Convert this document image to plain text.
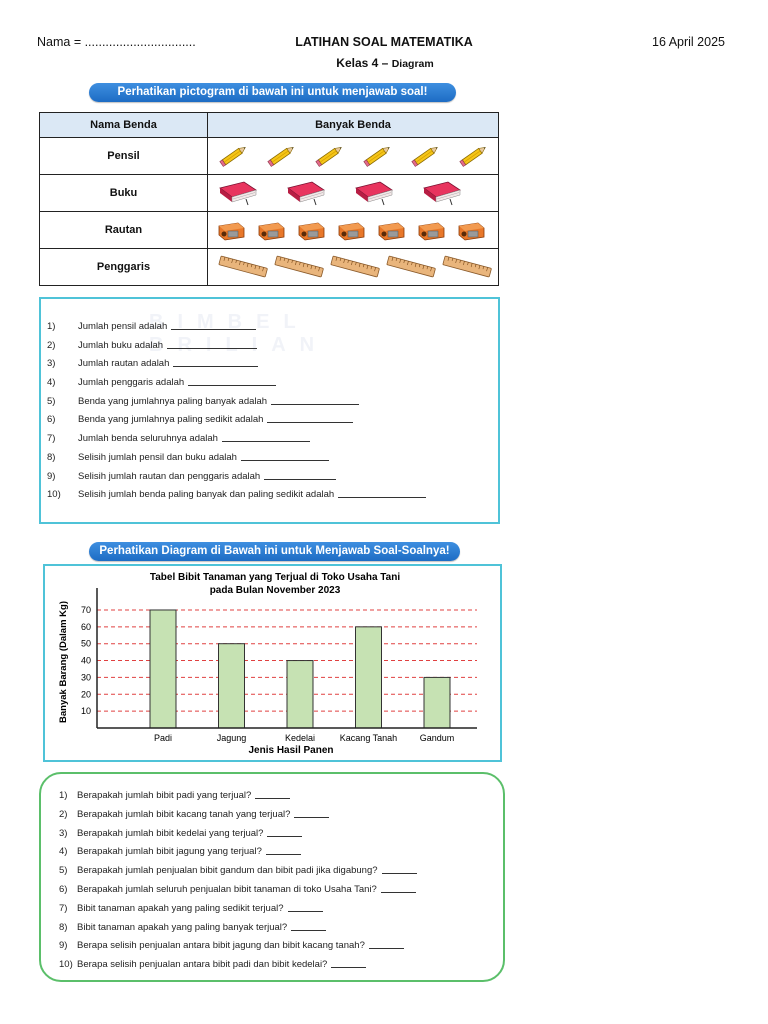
Nama = ................................	LATIHAN SOAL MATEMATIKA	16 April 2025
Kelas 4 – Diagram
Perhatikan pictogram di bawah ini untuk menjawab soal!
Nama Benda	Banyak Benda
Pensil	

Buku	

Rautan	

Penggaris	
BIMBEL BRILIAN
1)	Jumlah pensil adalah
2)	Jumlah buku adalah
3)	Jumlah rautan adalah
4)	Jumlah penggaris adalah
5)	Benda yang jumlahnya paling banyak adalah
6)	Benda yang jumlahnya paling sedikit adalah
7)	Jumlah benda seluruhnya adalah
8)	Selisih jumlah pensil dan buku adalah
9)	Selisih jumlah rautan dan penggaris adalah
10)	Selisih jumlah benda paling banyak dan paling sedikit adalah
Perhatikan Diagram di Bawah ini untuk Menjawab Soal-Soalnya!
Tabel Bibit Tanaman yang Terjual di Toko Usaha Tani
pada Bulan November 2023
10
20
30
40
50
60
70
Padi	Jagung	Kedelai	Kacang Tanah	Gandum
Jenis Hasil Panen
Banyak Barang (Dalam Kg)
1)	Berapakah jumlah bibit padi yang terjual?
2)	Berapakah jumlah bibit kacang tanah yang terjual?
3)	Berapakah jumlah bibit kedelai yang terjual?
4)	Berapakah jumlah bibit jagung yang terjual?
5)	Berapakah jumlah penjualan bibit gandum dan bibit padi jika digabung?
6)	Berapakah jumlah seluruh penjualan bibit tanaman di toko Usaha Tani?
7)	Bibit tanaman apakah yang paling sedikit terjual?
8)	Bibit tanaman apakah yang paling banyak terjual?
9)	Berapa selisih penjualan antara bibit jagung dan bibit kacang tanah?
10) Berapa selisih penjualan antara bibit padi dan bibit kedelai?
